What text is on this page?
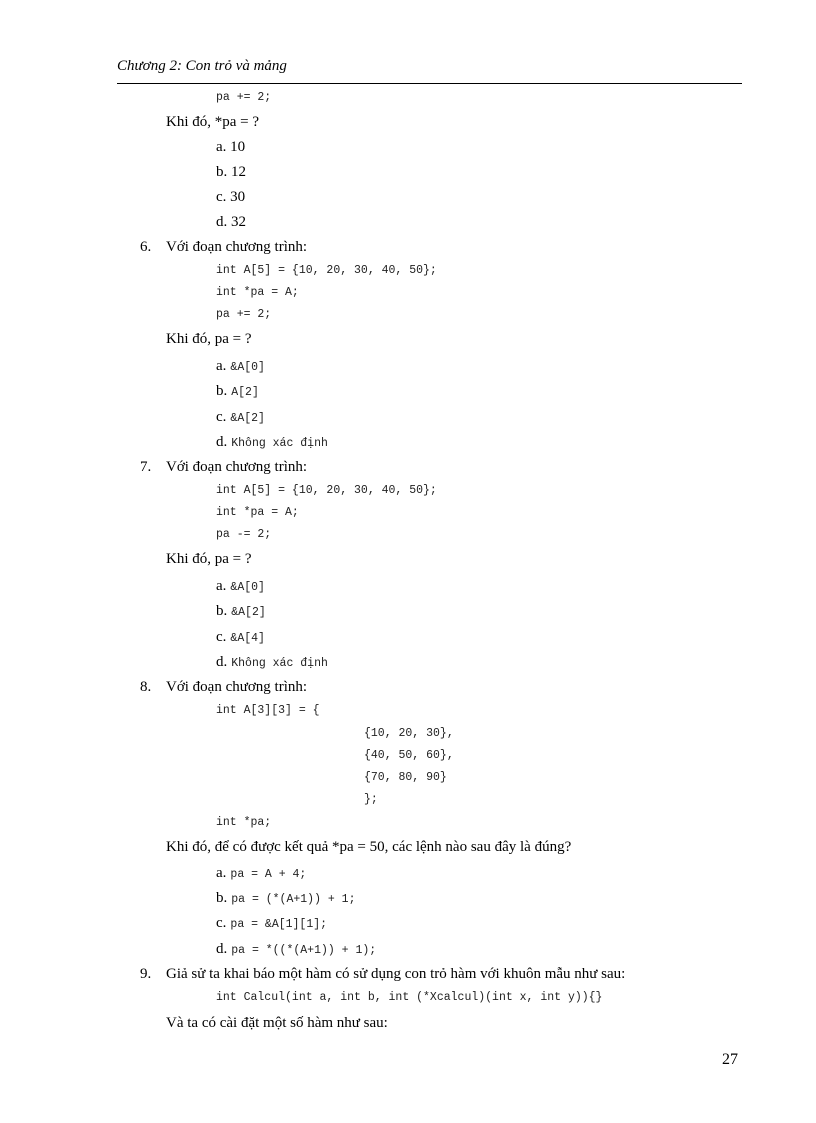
Chương 2: Con trỏ và mảng
pa += 2;
Khi đó, *pa = ?
a. 10
b. 12
c. 30
d. 32
6. Với đoạn chương trình:
int A[5] = {10, 20, 30, 40, 50};
int *pa = A;
pa += 2;
Khi đó, pa = ?
a. &A[0]
b. A[2]
c. &A[2]
d. Không xác định
7. Với đoạn chương trình:
int A[5] = {10, 20, 30, 40, 50};
int *pa = A;
pa -= 2;
Khi đó, pa = ?
a. &A[0]
b. &A[2]
c. &A[4]
d. Không xác định
8. Với đoạn chương trình:
int A[3][3] = {
{10, 20, 30},
{40, 50, 60},
{70, 80, 90}
};
int *pa;
Khi đó, để có được kết quả *pa = 50, các lệnh nào sau đây là đúng?
a. pa = A + 4;
b. pa = (*(A+1)) + 1;
c. pa = &A[1][1];
d. pa = *((*(A+1)) + 1);
9. Giả sử ta khai báo một hàm có sử dụng con trỏ hàm với khuôn mẫu như sau:
int Calcul(int a, int b, int (*Xcalcul)(int x, int y)){}
Và ta có cài đặt một số hàm như sau:
27
